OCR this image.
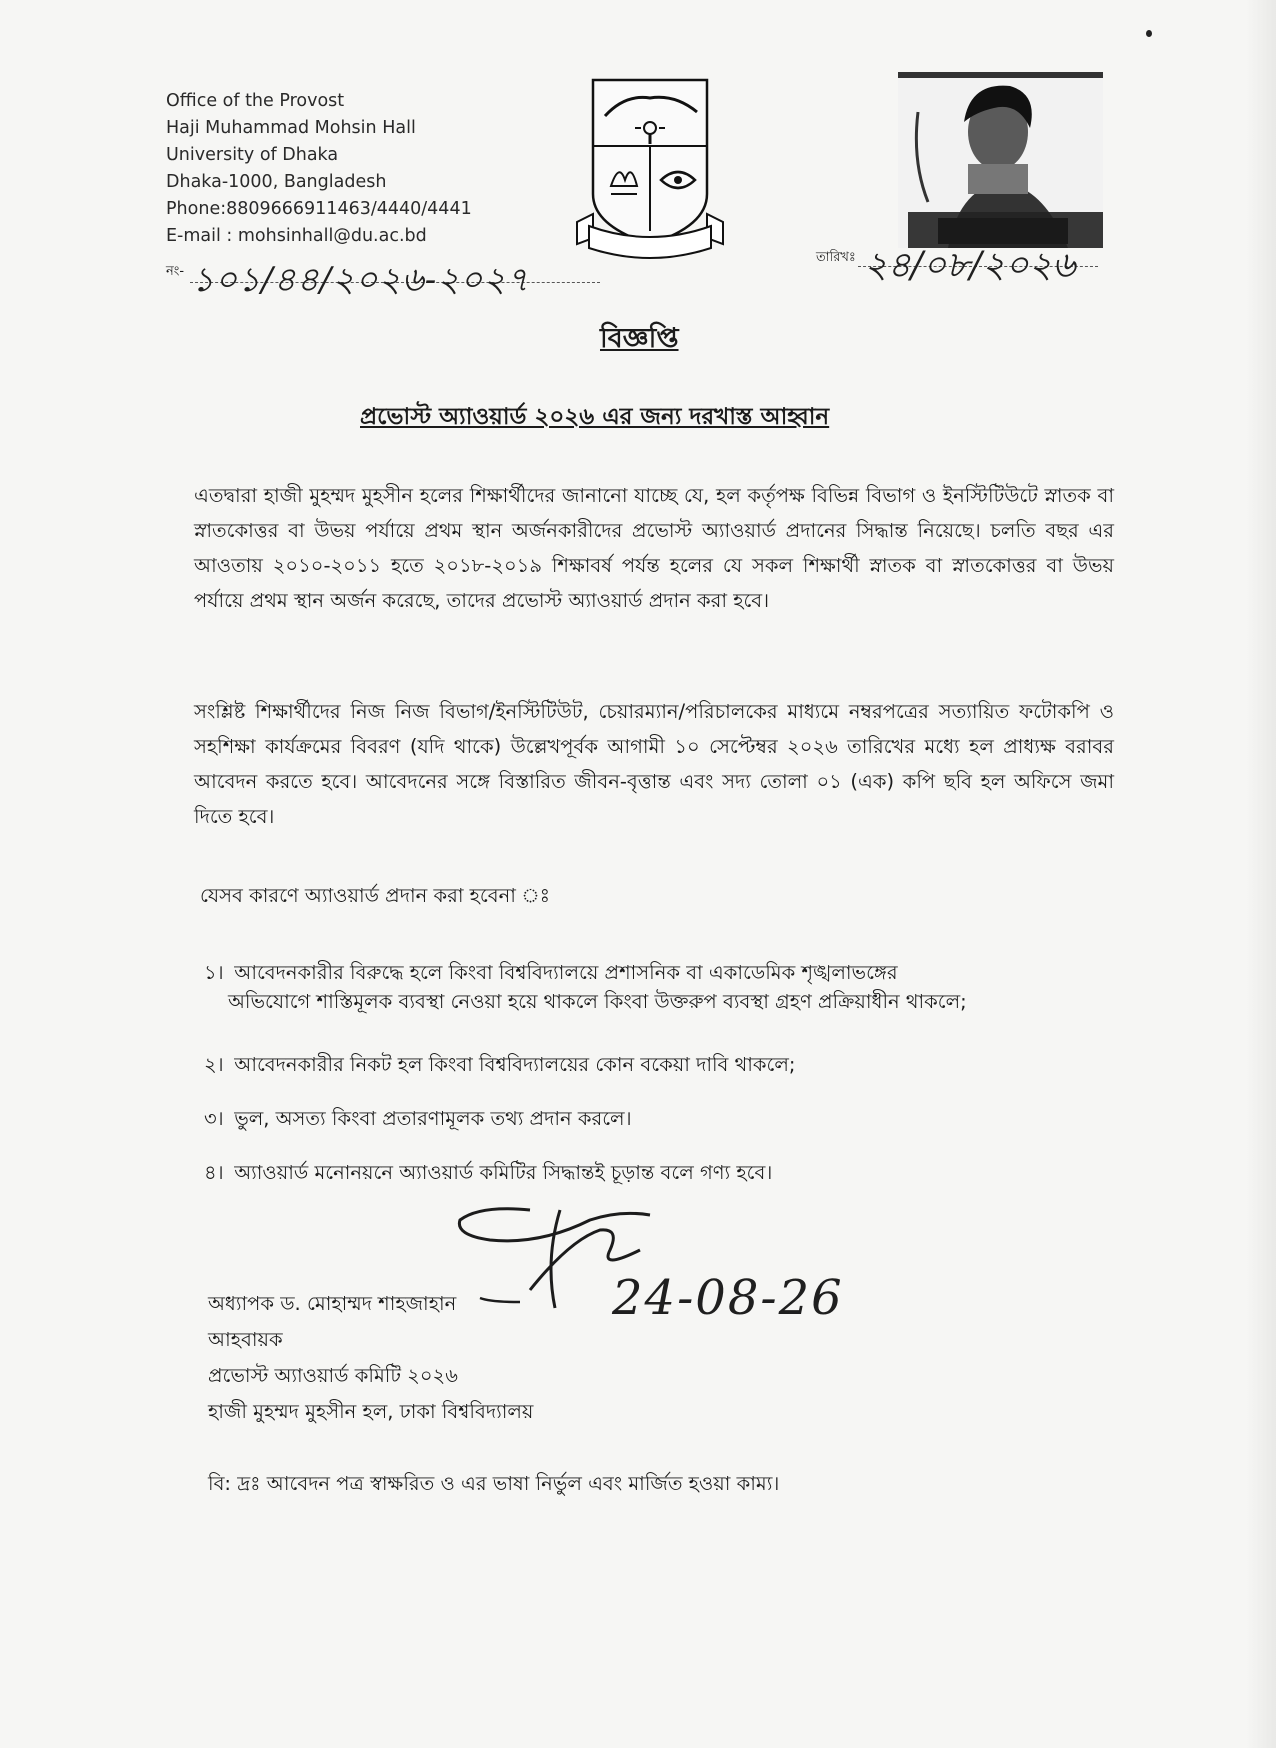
Office of the Provost
Haji Muhammad Mohsin Hall
University of Dhaka
Dhaka-1000, Bangladesh
Phone:8809666911463/4440/4441
E-mail : mohsinhall@du.ac.bd
নং- ১০১/৪৪/২০২৬-২০২৭
তারিখঃ ২৪/০৮/২০২৬
বিজ্ঞপ্তি
প্রভোস্ট অ্যাওয়ার্ড ২০২৬ এর জন্য দরখাস্ত আহ্বান
এতদ্বারা হাজী মুহম্মদ মুহসীন হলের শিক্ষার্থীদের জানানো যাচ্ছে যে, হল কর্তৃপক্ষ বিভিন্ন বিভাগ ও ইনস্টিটিউটে স্নাতক বা স্নাতকোত্তর বা উভয় পর্যায়ে প্রথম স্থান অর্জনকারীদের প্রভোস্ট অ্যাওয়ার্ড প্রদানের সিদ্ধান্ত নিয়েছে। চলতি বছর এর আওতায় ২০১০-২০১১ হতে ২০১৮-২০১৯ শিক্ষাবর্ষ পর্যন্ত হলের যে সকল শিক্ষার্থী স্নাতক বা স্নাতকোত্তর বা উভয় পর্যায়ে প্রথম স্থান অর্জন করেছে, তাদের প্রভোস্ট অ্যাওয়ার্ড প্রদান করা হবে।
সংশ্লিষ্ট শিক্ষার্থীদের নিজ নিজ বিভাগ/ইনস্টিটিউট, চেয়ারম্যান/পরিচালকের মাধ্যমে নম্বরপত্রের সত্যায়িত ফটোকপি ও সহশিক্ষা কার্যক্রমের বিবরণ (যদি থাকে) উল্লেখপূর্বক আগামী ১০ সেপ্টেম্বর ২০২৬ তারিখের মধ্যে হল প্রাধ্যক্ষ বরাবর আবেদন করতে হবে। আবেদনের সঙ্গে বিস্তারিত জীবন-বৃত্তান্ত এবং সদ্য তোলা ০১ (এক) কপি ছবি হল অফিসে জমা দিতে হবে।
যেসব কারণে অ্যাওয়ার্ড প্রদান করা হবেনা ঃ
১। আবেদনকারীর বিরুদ্ধে হলে কিংবা বিশ্ববিদ্যালয়ে প্রশাসনিক বা একাডেমিক শৃঙ্খলাভঙ্গের
অভিযোগে শাস্তিমূলক ব্যবস্থা নেওয়া হয়ে থাকলে কিংবা উক্তরুপ ব্যবস্থা গ্রহণ প্রক্রিয়াধীন থাকলে;
২। আবেদনকারীর নিকট হল কিংবা বিশ্ববিদ্যালয়ের কোন বকেয়া দাবি থাকলে;
৩। ভুল, অসত্য কিংবা প্রতারণামূলক তথ্য প্রদান করলে।
৪। অ্যাওয়ার্ড মনোনয়নে অ্যাওয়ার্ড কমিটির সিদ্ধান্তই চূড়ান্ত বলে গণ্য হবে।
24-08-26
অধ্যাপক ড. মোহাম্মদ শাহজাহান
আহবায়ক
প্রভোস্ট অ্যাওয়ার্ড কমিটি ২০২৬
হাজী মুহম্মদ মুহসীন হল, ঢাকা বিশ্ববিদ্যালয়
বি: দ্রঃ আবেদন পত্র স্বাক্ষরিত ও এর ভাষা নির্ভুল এবং মার্জিত হওয়া কাম্য।
